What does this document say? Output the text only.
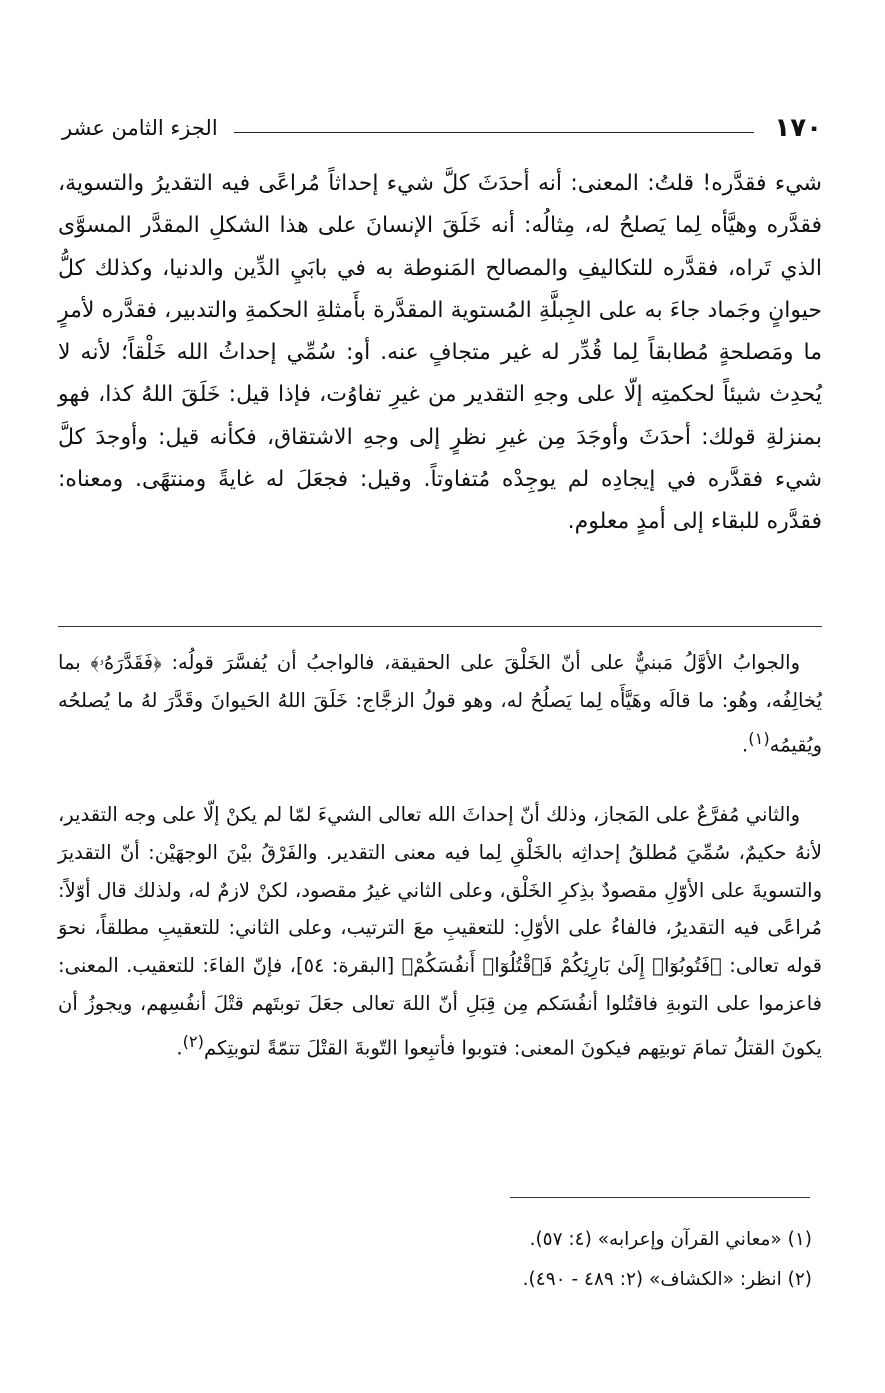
١٧٠
الجزء الثامن عشر

شيء فقدَّره! قلتُ: المعنى: أنه أحدَثَ كلَّ شيء إحداثاً مُراعًى فيه التقديرُ والتسوية، فقدَّره وهيَّأه لِما يَصلحُ له، مِثالُه: أنه خَلَقَ الإنسانَ على هذا الشكلِ المقدَّر المسوَّى الذي تَراه، فقدَّره للتكاليفِ والمصالح المَنوطة به في بابَيِ الدِّين والدنيا، وكذلك كلُّ حيوانٍ وجَماد جاءَ به على الجِبلَّةِ المُستوية المقدَّرة بأَمثلةِ الحكمةِ والتدبير، فقدَّره لأمرٍ ما ومَصلحةٍ مُطابقاً لِما قُدِّر له غير متجافٍ عنه. أو: سُمِّي إحداثُ الله خَلْقاً؛ لأنه لا يُحدِث شيئاً لحكمتِه إلّا على وجهِ التقدير من غيرِ تفاوُت، فإذا قيل: خَلَقَ اللهُ كذا، فهو بمنزلةِ قولك: أحدَثَ وأوجَدَ مِن غيرِ نظرٍ إلى وجهِ الاشتقاق، فكأنه قيل: وأوجدَ كلَّ شيء فقدَّره في إيجادِه لم يوجِدْه مُتفاوتاً. وقيل: فجعَلَ له غايةً ومنتهًى. ومعناه: فقدَّره للبقاء إلى أمدٍ معلوم.

والجوابُ الأوَّلُ مَبنيٌّ على أنّ الخَلْقَ على الحقيقة، فالواجبُ أن يُفسَّرَ قولُه: ﴿فَقَدَّرَهُۥ﴾ بما يُخالِفُه، وهُو: ما قالَه وهَيَّأَه لِما يَصلُحُ له، وهو قولُ الزجَّاج: خَلَقَ اللهُ الحَيوانَ وقَدَّرَ لهُ ما يُصلحُه ويُقيمُه$^{(١)}$.

والثاني مُفرَّعٌ على المَجاز، وذلك أنّ إحداثَ الله تعالى الشيءَ لمّا لم يكنْ إلّا على وجه التقدير، لأنهُ حكيمٌ، سُمِّيَ مُطلقُ إحداثِه بالخَلْقِ لِما فيه معنى التقدير. والفَرْقُ بيْنَ الوجهَيْن: أنّ التقديرَ والتسويةَ على الأوّلِ مقصودٌ بذِكرِ الخَلْق، وعلى الثاني غيرُ مقصود، لكنْ لازمٌ له، ولذلك قال أوّلاً: مُراعًى فيه التقديرُ، فالفاءُ على الأوّلِ: للتعقيبِ معَ الترتيب، وعلى الثاني: للتعقيبِ مطلقاً، نحوَ قوله تعالى: ﴿فَتُوبُوٓا۟ إِلَىٰ بَارِئِكُمْ فَٱقْتُلُوٓا۟ أَنفُسَكُمْ﴾ [البقرة: ٥٤]، فإنّ الفاءَ: للتعقيب. المعنى: فاعزموا على التوبةِ فاقتُلوا أنفُسَكم مِن قِبَلِ أنّ اللهَ تعالى جعَلَ توبتَهم قتْلَ أنفُسِهم، ويجوزُ أن يكونَ القتلُ تمامَ توبتِهم فيكونَ المعنى: فتوبوا فأتبِعوا التّوبةَ القتْلَ تتمّةً لتوبتِكم$^{(٢)}$.

(١) «معاني القرآن وإعرابه» (٤: ٥٧).
(٢) انظر: «الكشاف» (٢: ٤٨٩ - ٤٩٠).
